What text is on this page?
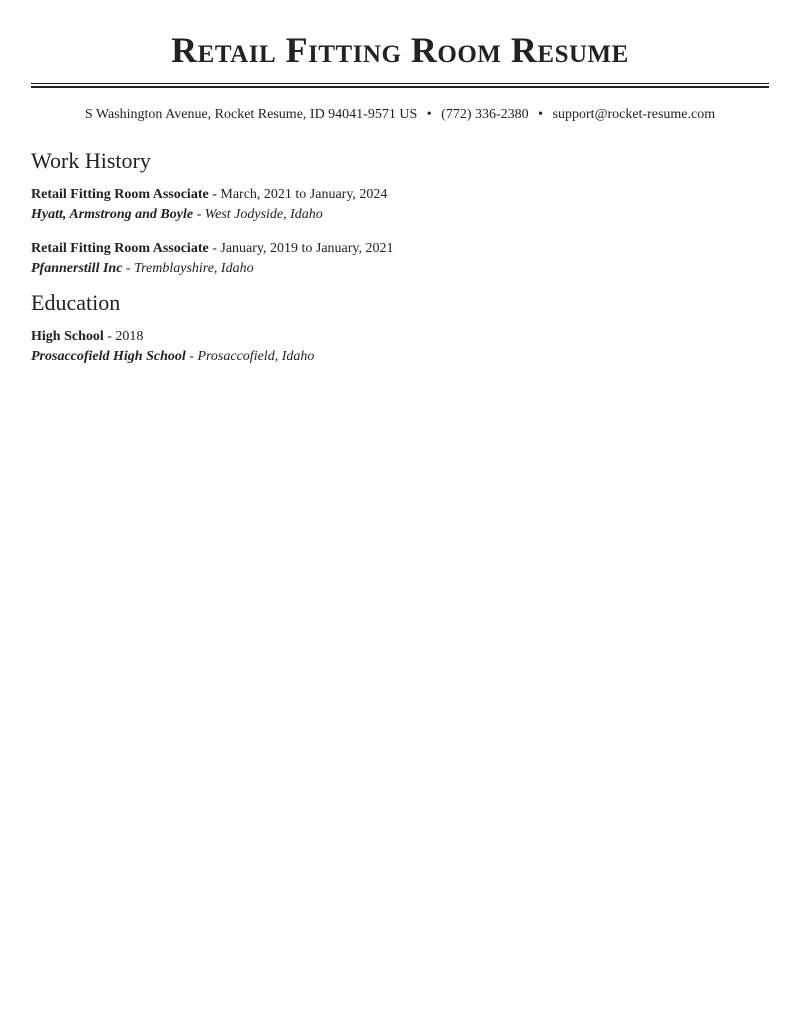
Retail Fitting Room Resume
S Washington Avenue, Rocket Resume, ID 94041-9571 US • (772) 336-2380 • support@rocket-resume.com
Work History
Retail Fitting Room Associate - March, 2021 to January, 2024
Hyatt, Armstrong and Boyle - West Jodyside, Idaho
Retail Fitting Room Associate - January, 2019 to January, 2021
Pfannerstill Inc - Tremblayshire, Idaho
Education
High School - 2018
Prosaccofield High School - Prosaccofield, Idaho
